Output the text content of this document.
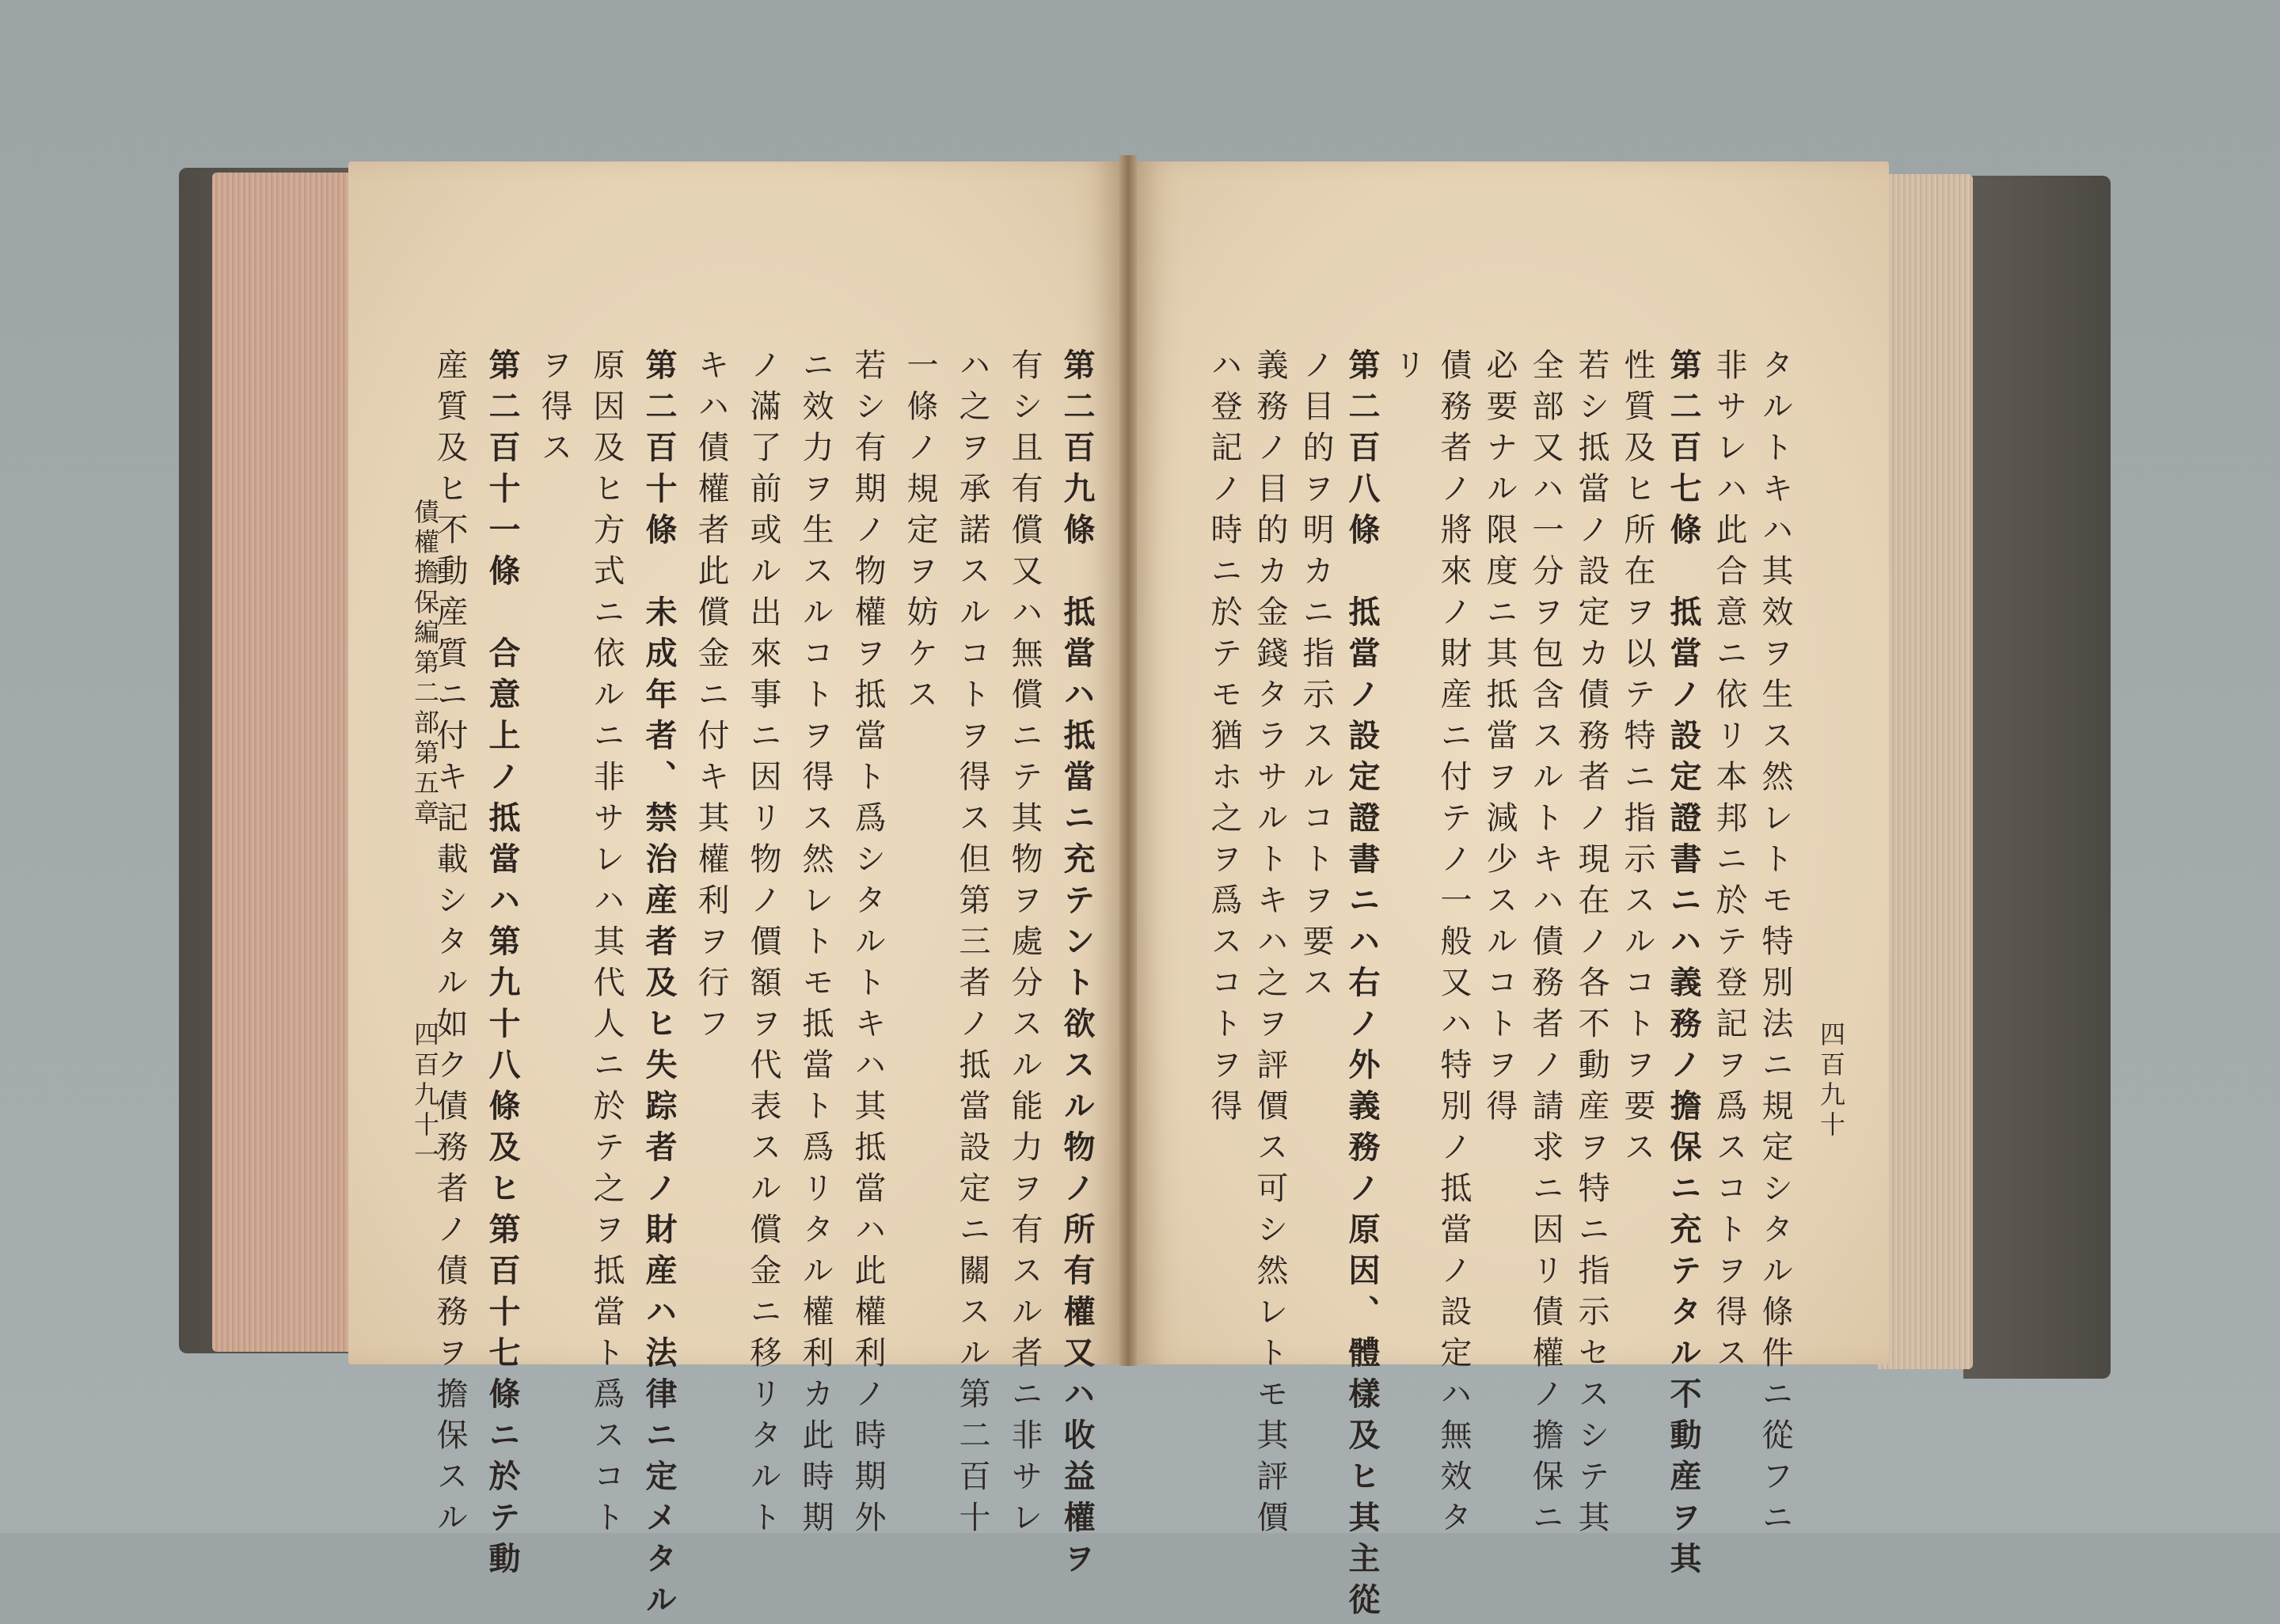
債權擔保編第二部第五章
四百九十一	四百九十
タルトキハ其效ヲ生ス然レトモ特別法ニ規定シタル條件ニ從フニ
非サレハ此合意ニ依リ本邦ニ於テ登記ヲ爲スコトヲ得ス
第二百七條　抵當ノ設定證書ニハ義務ノ擔保ニ充テタル不動産ヲ其
性質及ヒ所在ヲ以テ特ニ指示スルコトヲ要ス
若シ抵當ノ設定カ債務者ノ現在ノ各不動産ヲ特ニ指示セスシテ其
全部又ハ一分ヲ包含スルトキハ債務者ノ請求ニ因リ債權ノ擔保ニ
必要ナル限度ニ其抵當ヲ減少スルコトヲ得
債務者ノ將來ノ財産ニ付テノ一般又ハ特別ノ抵當ノ設定ハ無效タ
リ
第二百八條　抵當ノ設定證書ニハ右ノ外義務ノ原因、體樣及ヒ其主從
ノ目的ヲ明カニ指示スルコトヲ要ス
義務ノ目的カ金錢タラサルトキハ之ヲ評價ス可シ然レトモ其評價
ハ登記ノ時ニ於テモ猶ホ之ヲ爲スコトヲ得
第二百九條　抵當ハ抵當ニ充テント欲スル物ノ所有權又ハ收益權ヲ
有シ且有償又ハ無償ニテ其物ヲ處分スル能力ヲ有スル者ニ非サレ
ハ之ヲ承諾スルコトヲ得ス但第三者ノ抵當設定ニ關スル第二百十
一條ノ規定ヲ妨ケス
若シ有期ノ物權ヲ抵當ト爲シタルトキハ其抵當ハ此權利ノ時期外
ニ效力ヲ生スルコトヲ得ス然レトモ抵當ト爲リタル權利カ此時期
ノ滿了前或ル出來事ニ因リ物ノ價額ヲ代表スル償金ニ移リタルト
キハ債權者此償金ニ付キ其權利ヲ行フ
第二百十條　未成年者、禁治産者及ヒ失踪者ノ財産ハ法律ニ定メタル
原因及ヒ方式ニ依ルニ非サレハ其代人ニ於テ之ヲ抵當ト爲スコト
ヲ得ス
第二百十一條　合意上ノ抵當ハ第九十八條及ヒ第百十七條ニ於テ動
産質及ヒ不動産質ニ付キ記載シタル如ク債務者ノ債務ヲ擔保スル
